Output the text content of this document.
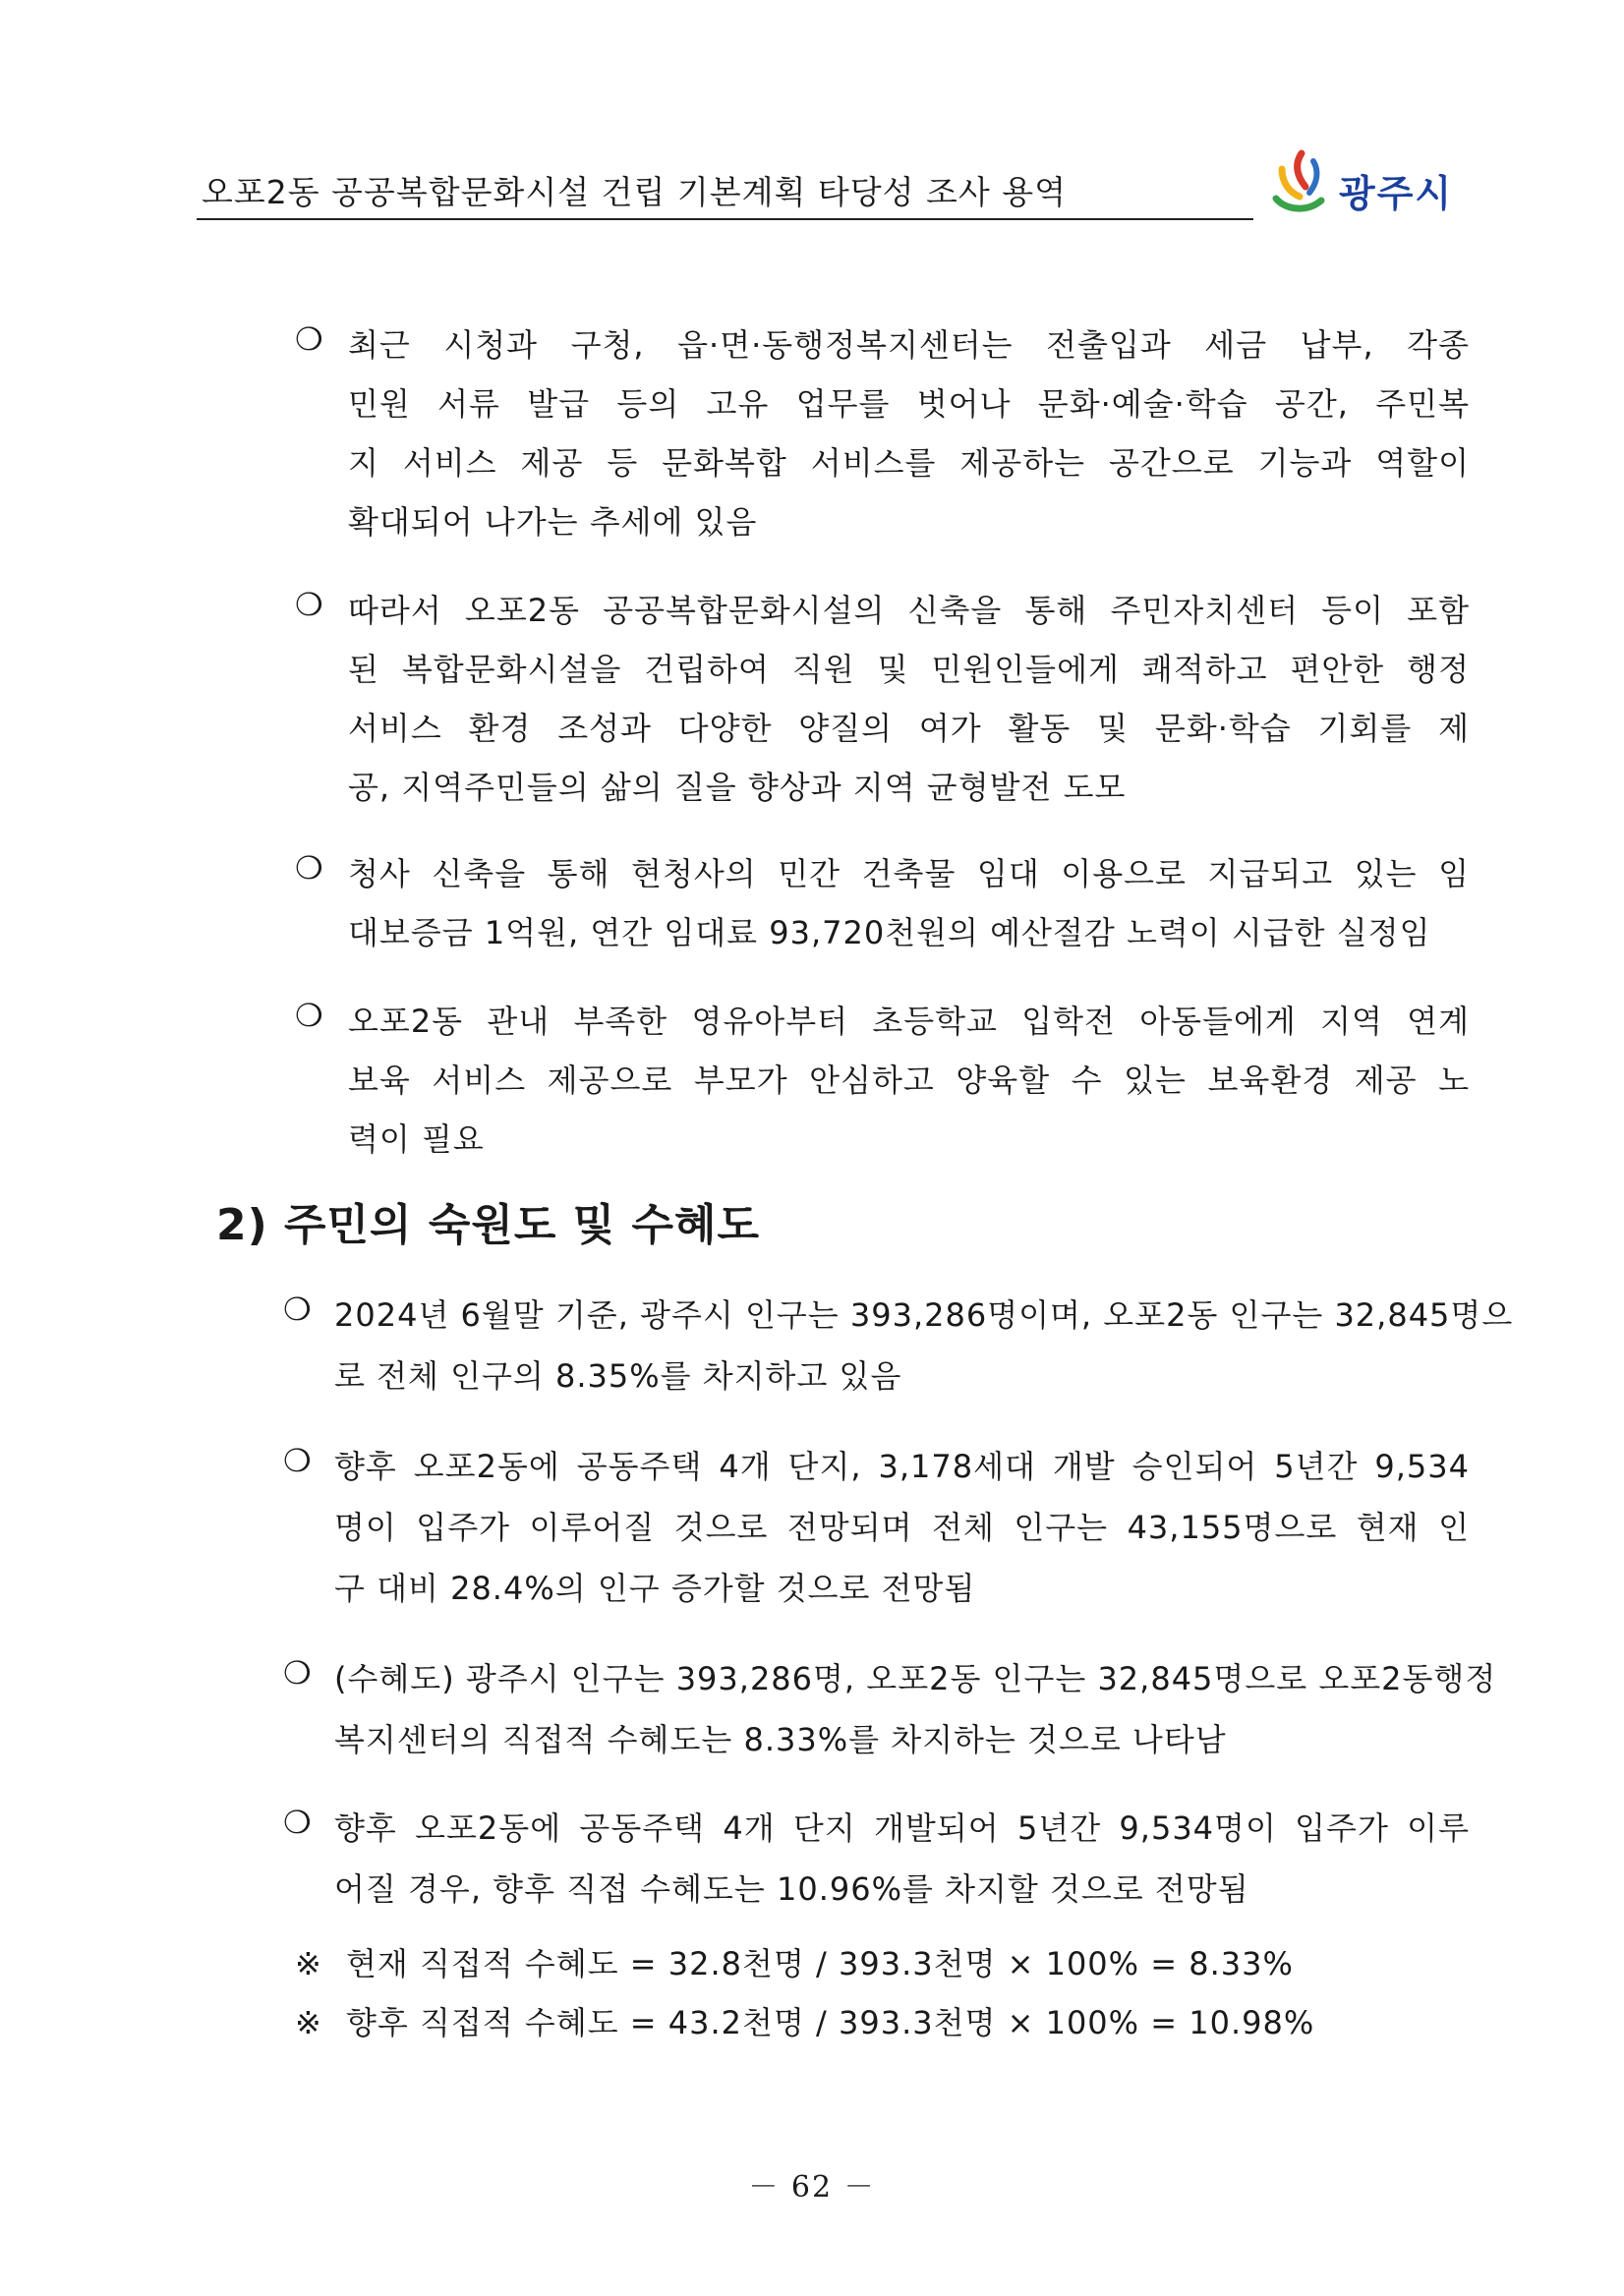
오포2동 공공복합문화시설 건립 기본계획 타당성 조사 용역	광주시
❍ 최근 시청과 구청, 읍·면·동행정복지센터는 전출입과 세금 납부, 각종
민원 서류 발급 등의 고유 업무를 벗어나 문화·예술·학습 공간, 주민복
지 서비스 제공 등 문화복합 서비스를 제공하는 공간으로 기능과 역할이
확대되어 나가는 추세에 있음
❍ 따라서 오포2동 공공복합문화시설의 신축을 통해 주민자치센터 등이 포함
된 복합문화시설을 건립하여 직원 및 민원인들에게 쾌적하고 편안한 행정
서비스 환경 조성과 다양한 양질의 여가 활동 및 문화·학습 기회를 제
공, 지역주민들의 삶의 질을 향상과 지역 균형발전 도모
❍ 청사 신축을 통해 현청사의 민간 건축물 임대 이용으로 지급되고 있는 임
대보증금 1억원, 연간 임대료 93,720천원의 예산절감 노력이 시급한 실정임
❍ 오포2동 관내 부족한 영유아부터 초등학교 입학전 아동들에게 지역 연계
보육 서비스 제공으로 부모가 안심하고 양육할 수 있는 보육환경 제공 노
력이 필요
2) 주민의 숙원도 및 수혜도
❍ 2024년 6월말 기준, 광주시 인구는 393,286명이며, 오포2동 인구는 32,845명으
로 전체 인구의 8.35%를 차지하고 있음
❍ 향후 오포2동에 공동주택 4개 단지, 3,178세대 개발 승인되어 5년간 9,534
명이 입주가 이루어질 것으로 전망되며 전체 인구는 43,155명으로 현재 인
구 대비 28.4%의 인구 증가할 것으로 전망됨
❍ (수혜도) 광주시 인구는 393,286명, 오포2동 인구는 32,845명으로 오포2동행정
복지센터의 직접적 수혜도는 8.33%를 차지하는 것으로 나타남
❍ 향후 오포2동에 공동주택 4개 단지 개발되어 5년간 9,534명이 입주가 이루
어질 경우, 향후 직접 수혜도는 10.96%를 차지할 것으로 전망됨
※ 현재 직접적 수혜도 = 32.8천명 / 393.3천명 × 100% = 8.33%
※ 향후 직접적 수혜도 = 43.2천명 / 393.3천명 × 100% = 10.98%
－ 62 －
